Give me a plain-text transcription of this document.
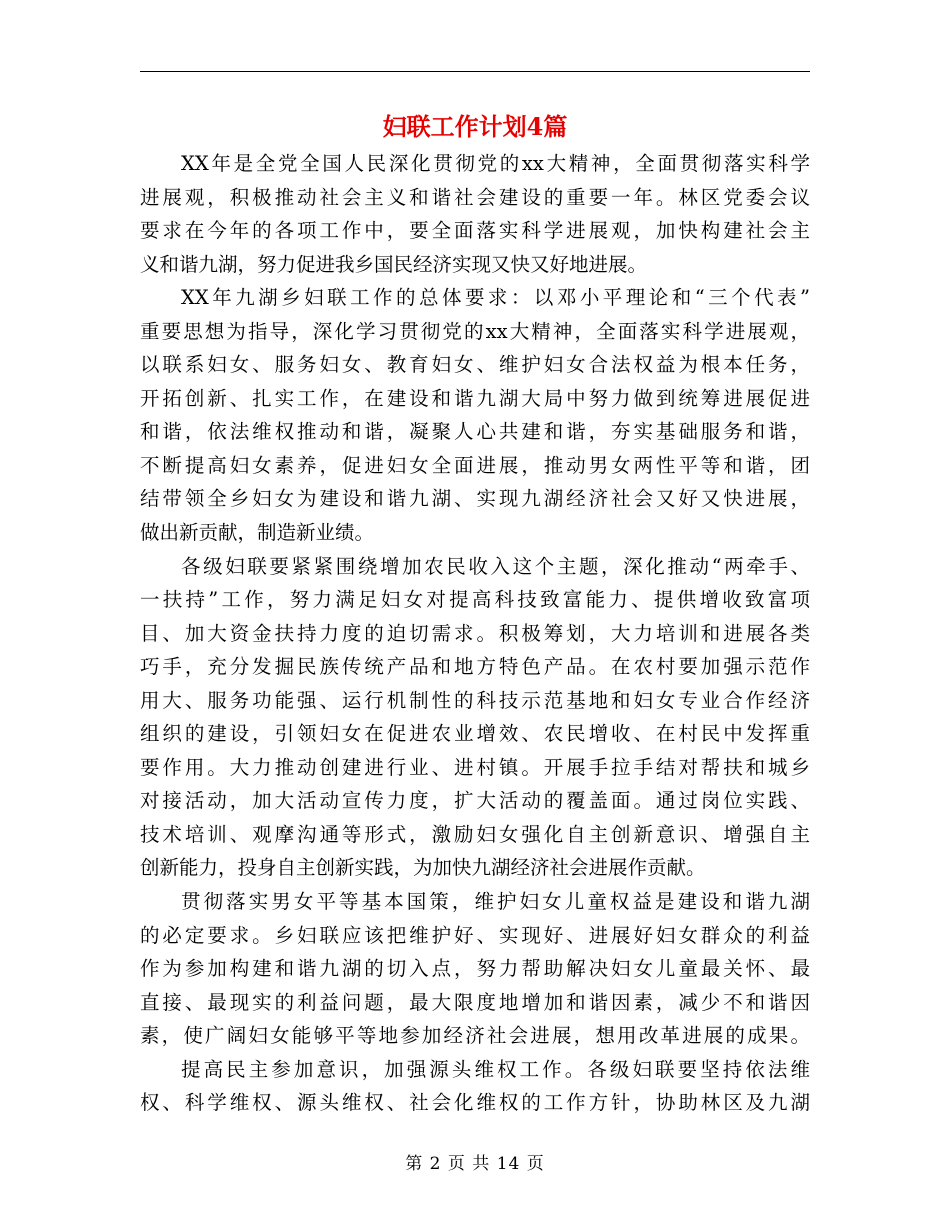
妇联工作计划4篇
XX年是全党全国人民深化贯彻党的xx大精神，全面贯彻落实科学
进展观，积极推动社会主义和谐社会建设的重要一年。林区党委会议
要求在今年的各项工作中，要全面落实科学进展观，加快构建社会主
义和谐九湖，努力促进我乡国民经济实现又快又好地进展。
XX年九湖乡妇联工作的总体要求：以邓小平理论和“三个代表”
重要思想为指导，深化学习贯彻党的xx大精神，全面落实科学进展观，
以联系妇女、服务妇女、教育妇女、维护妇女合法权益为根本任务，
开拓创新、扎实工作，在建设和谐九湖大局中努力做到统筹进展促进
和谐，依法维权推动和谐，凝聚人心共建和谐，夯实基础服务和谐，
不断提高妇女素养，促进妇女全面进展，推动男女两性平等和谐，团
结带领全乡妇女为建设和谐九湖、实现九湖经济社会又好又快进展，
做出新贡献，制造新业绩。
各级妇联要紧紧围绕增加农民收入这个主题，深化推动“两牵手、
一扶持”工作，努力满足妇女对提高科技致富能力、提供增收致富项
目、加大资金扶持力度的迫切需求。积极筹划，大力培训和进展各类
巧手，充分发掘民族传统产品和地方特色产品。在农村要加强示范作
用大、服务功能强、运行机制性的科技示范基地和妇女专业合作经济
组织的建设，引领妇女在促进农业增效、农民增收、在村民中发挥重
要作用。大力推动创建进行业、进村镇。开展手拉手结对帮扶和城乡
对接活动，加大活动宣传力度，扩大活动的覆盖面。通过岗位实践、
技术培训、观摩沟通等形式，激励妇女强化自主创新意识、增强自主
创新能力，投身自主创新实践，为加快九湖经济社会进展作贡献。
贯彻落实男女平等基本国策，维护妇女儿童权益是建设和谐九湖
的必定要求。乡妇联应该把维护好、实现好、进展好妇女群众的利益
作为参加构建和谐九湖的切入点，努力帮助解决妇女儿童最关怀、最
直接、最现实的利益问题，最大限度地增加和谐因素，减少不和谐因
素，使广阔妇女能够平等地参加经济社会进展，想用改革进展的成果。
提高民主参加意识，加强源头维权工作。各级妇联要坚持依法维
权、科学维权、源头维权、社会化维权的工作方针，协助林区及九湖
第 2 页 共 14 页
